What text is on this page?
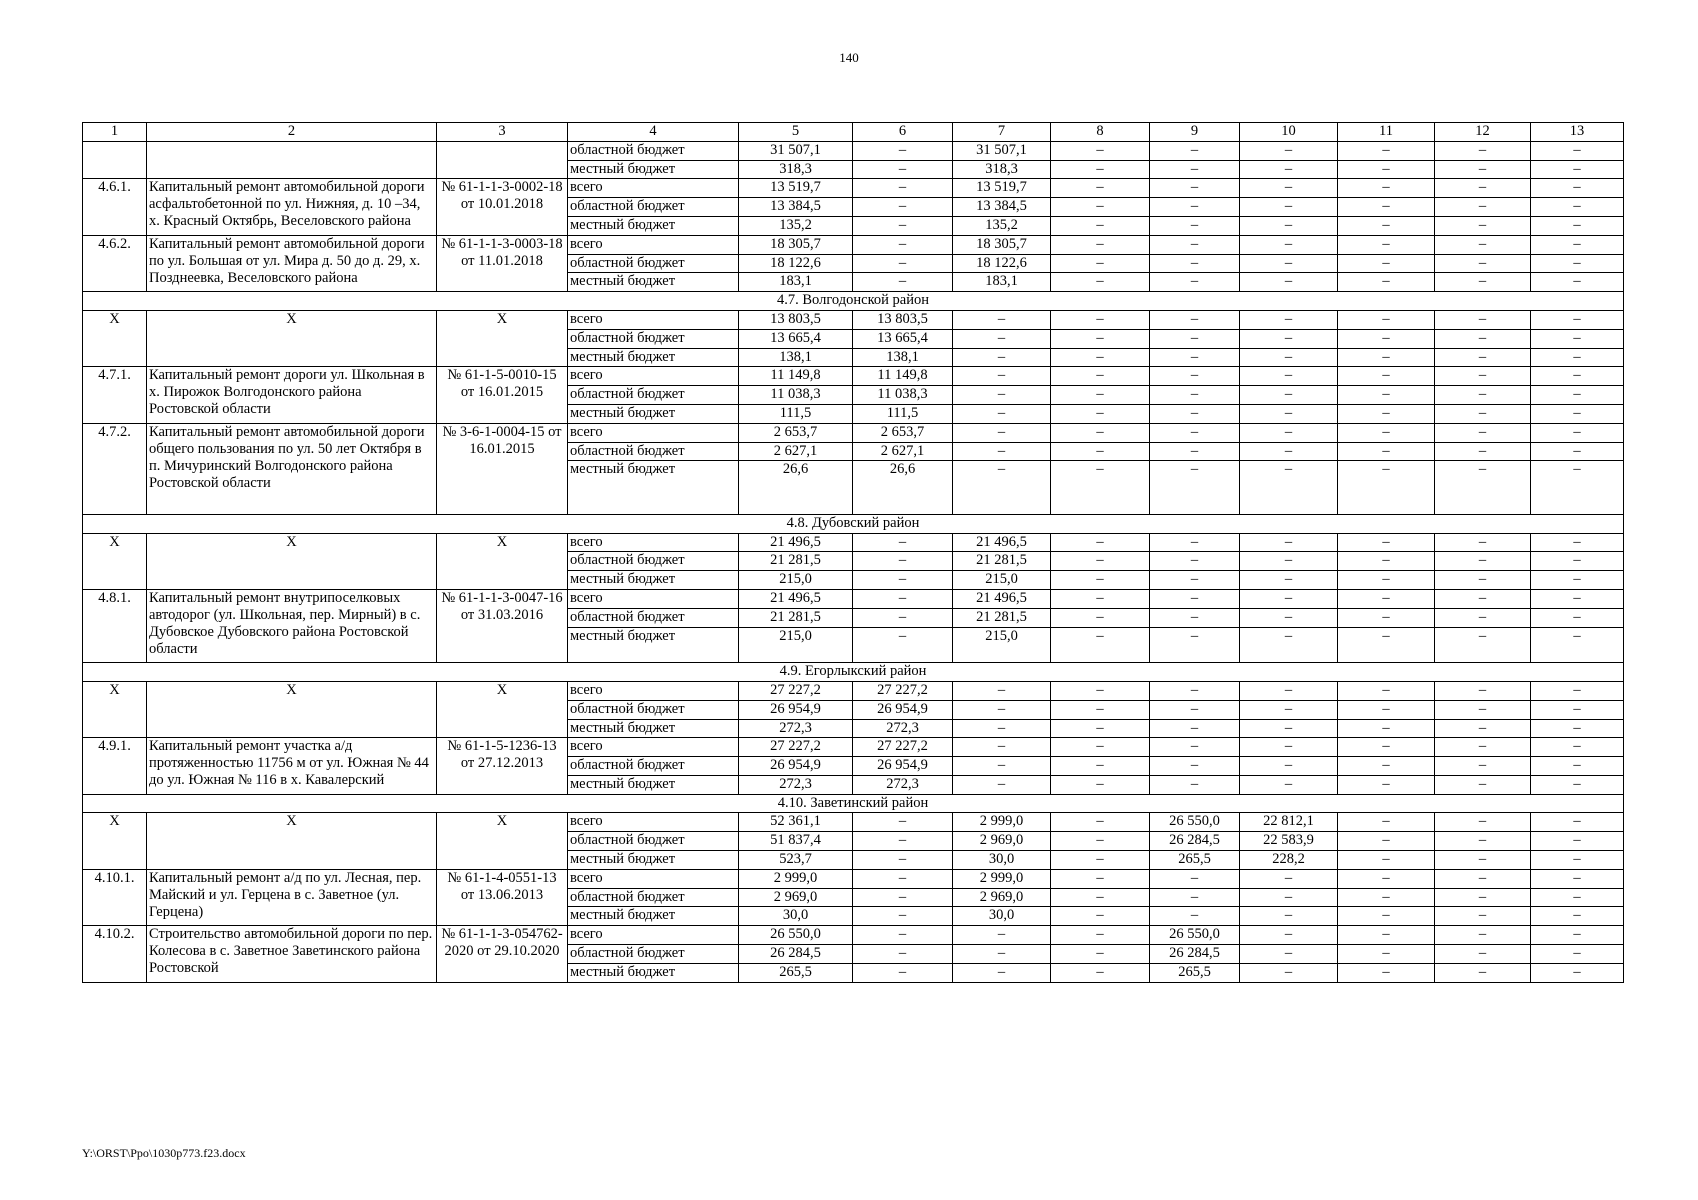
140
1	2	3	4	5	6	7	8	9	10	11	12	13
			областной бюджет	31 507,1	–	31 507,1	–	–	–	–	–	–
			местный бюджет	318,3	–	318,3	–	–	–	–	–	–
4.6.1.	Капитальный ремонт автомобильной дороги асфальтобетонной по ул. Нижняя, д. 10 –34, х. Красный Октябрь, Веселовского района	№ 61-1-1-3-0002-18 от 10.01.2018	всего	13 519,7	–	13 519,7	–	–	–	–	–	–
			областной бюджет	13 384,5	–	13 384,5	–	–	–	–	–	–
			местный бюджет	135,2	–	135,2	–	–	–	–	–	–

4.6.2.	Капитальный ремонт автомобильной дороги по ул. Большая от ул. Мира д. 50 до д. 29, х. Позднеевка, Веселовского района	№ 61-1-1-3-0003-18 от 11.01.2018	всего	18 305,7	–	18 305,7	–	–	–	–	–	–
			областной бюджет	18 122,6	–	18 122,6	–	–	–	–	–	–
			местный бюджет	183,1	–	183,1	–	–	–	–	–	–

4.7. Волгодонской район												
Х	Х	Х	всего	13 803,5	13 803,5	–	–	–	–	–	–	–
			областной бюджет	13 665,4	13 665,4	–	–	–	–	–	–	–
			местный бюджет	138,1	138,1	–	–	–	–	–	–	–
4.7.1.	Капитальный ремонт дороги ул. Школьная в х. Пирожок Волгодонского района Ростовской области	№ 61-1-5-0010-15 от 16.01.2015	всего	11 149,8	11 149,8	–	–	–	–	–	–	–
			областной бюджет	11 038,3	11 038,3	–	–	–	–	–	–	–
			местный бюджет	111,5	111,5	–	–	–	–	–	–	–

4.7.2.	Капитальный ремонт автомобильной дороги общего пользования по ул. 50 лет Октября в п. Мичуринский Волгодонского района Ростовской области	№ 3-6-1-0004-15 от 16.01.2015	всего	2 653,7	2 653,7	–	–	–	–	–	–	–
			областной бюджет	2 627,1	2 627,1	–	–	–	–	–	–	–
			местный бюджет	26,6	26,6	–	–	–	–	–	–	–

4.8. Дубовский район												
Х	Х	Х	всего	21 496,5	–	21 496,5	–	–	–	–	–	–
			областной бюджет	21 281,5	–	21 281,5	–	–	–	–	–	–
			местный бюджет	215,0	–	215,0	–	–	–	–	–	–
4.8.1.	Капитальный ремонт внутрипоселковых автодорог (ул. Школьная, пер. Мирный) в с. Дубовское Дубовского района Ростовской области	№ 61-1-1-3-0047-16 от 31.03.2016	всего	21 496,5	–	21 496,5	–	–	–	–	–	–
			областной бюджет	21 281,5	–	21 281,5	–	–	–	–	–	–
			местный бюджет	215,0	–	215,0	–	–	–	–	–	–

4.9. Егорлыкский район												
Х	Х	Х	всего	27 227,2	27 227,2	–	–	–	–	–	–	–
			областной бюджет	26 954,9	26 954,9	–	–	–	–	–	–	–
			местный бюджет	272,3	272,3	–	–	–	–	–	–	–
4.9.1.	Капитальный ремонт участка а/д протяженностью 11756 м от ул. Южная № 44 до ул. Южная № 116 в х. Кавалерский	№ 61-1-5-1236-13 от 27.12.2013	всего	27 227,2	27 227,2	–	–	–	–	–	–	–
			областной бюджет	26 954,9	26 954,9	–	–	–	–	–	–	–
			местный бюджет	272,3	272,3	–	–	–	–	–	–	–

4.10. Заветинский район												
Х	Х	Х	всего	52 361,1	–	2 999,0	–	26 550,0	22 812,1	–	–	–
			областной бюджет	51 837,4	–	2 969,0	–	26 284,5	22 583,9	–	–	–
			местный бюджет	523,7	–	30,0	–	265,5	228,2	–	–	–
4.10.1.	Капитальный ремонт а/д по ул. Лесная, пер. Майский и ул. Герцена в с. Заветное (ул. Герцена)	№ 61-1-4-0551-13 от 13.06.2013	всего	2 999,0	–	2 999,0	–	–	–	–	–	–
			областной бюджет	2 969,0	–	2 969,0	–	–	–	–	–	–
			местный бюджет	30,0	–	30,0	–	–	–	–	–	–
4.10.2.	Строительство автомобильной дороги по пер. Колесова в с. Заветное Заветинского района Ростовской	№ 61-1-1-3-054762-2020 от 29.10.2020	всего	26 550,0	–	–	–	26 550,0	–	–	–	–
			областной бюджет	26 284,5	–	–	–	26 284,5	–	–	–	–
			местный бюджет	265,5	–	–	–	265,5	–	–	–	–
Y:\ORST\Ppo\1030p773.f23.docx
